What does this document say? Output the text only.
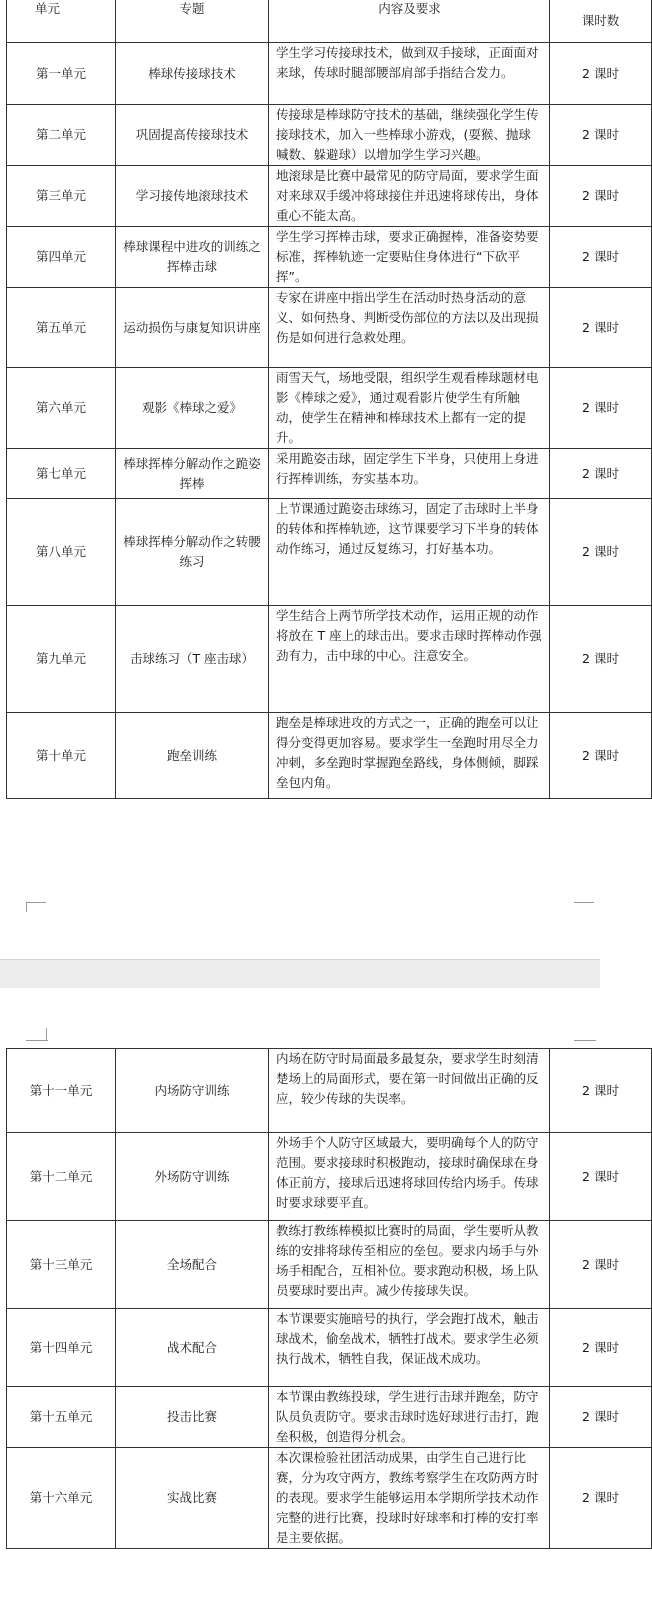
单元	专题	内容及要求	课时数
第一单元	棒球传接球技术	学生学习传接球技术，做到双手接球，正面面对来球，传球时腿部腰部肩部手指结合发力。	2 课时
第二单元	巩固提高传接球技术	传接球是棒球防守技术的基础，继续强化学生传接球技术，加入一些棒球小游戏，(耍猴、抛球喊数、躲避球）以增加学生学习兴趣。	2 课时
第三单元	学习接传地滚球技术	地滚球是比赛中最常见的防守局面，要求学生面对来球双手缓冲将球接住并迅速将球传出，身体重心不能太高。	2 课时
第四单元	棒球课程中进攻的训练之挥棒击球	学生学习挥棒击球，要求正确握棒，准备姿势要标准，挥棒轨迹一定要贴住身体进行“下砍平挥”。	2 课时
第五单元	运动损伤与康复知识讲座	专家在讲座中指出学生在活动时热身活动的意义、如何热身、判断受伤部位的方法以及出现损伤是如何进行急救处理。	2 课时
第六单元	观影《棒球之爱》	雨雪天气，场地受限，组织学生观看棒球题材电影《棒球之爱》，通过观看影片使学生有所触动，使学生在精神和棒球技术上都有一定的提升。	2 课时
第七单元	棒球挥棒分解动作之跪姿挥棒	采用跪姿击球，固定学生下半身，只使用上身进行挥棒训练，夯实基本功。	2 课时
第八单元	棒球挥棒分解动作之转腰练习	上节课通过跪姿击球练习，固定了击球时上半身的转体和挥棒轨迹，这节课要学习下半身的转体动作练习，通过反复练习，打好基本功。	2 课时
第九单元	击球练习（T 座击球）	学生结合上两节所学技术动作，运用正规的动作将放在 T 座上的球击出。要求击球时挥棒动作强劲有力，击中球的中心。注意安全。	2 课时
第十单元	跑垒训练	跑垒是棒球进攻的方式之一，正确的跑垒可以让得分变得更加容易。要求学生一垒跑时用尽全力冲刺，多垒跑时掌握跑垒路线，身体侧倾，脚踩垒包内角。	2 课时
第十一单元	内场防守训练	内场在防守时局面最多最复杂，要求学生时刻清楚场上的局面形式，要在第一时间做出正确的反应，较少传球的失误率。	2 课时
第十二单元	外场防守训练	外场手个人防守区域最大，要明确每个人的防守范围。要求接球时积极跑动，接球时确保球在身体正前方，接球后迅速将球回传给内场手。传球时要求球要平直。	2 课时
第十三单元	全场配合	教练打教练棒模拟比赛时的局面，学生要听从教练的安排将球传至相应的垒包。要求内场手与外场手相配合，互相补位。要求跑动积极，场上队员要球时要出声。减少传接球失误。	2 课时
第十四单元	战术配合	本节课要实施暗号的执行，学会跑打战术，触击球战术，偷垒战术，牺牲打战术。要求学生必须执行战术，牺牲自我，保证战术成功。	2 课时
第十五单元	投击比赛	本节课由教练投球，学生进行击球并跑垒，防守队员负责防守。要求击球时选好球进行击打，跑垒积极，创造得分机会。	2 课时
第十六单元	实战比赛	本次课检验社团活动成果，由学生自己进行比赛，分为攻守两方，教练考察学生在攻防两方时的表现。要求学生能够运用本学期所学技术动作完整的进行比赛，投球时好球率和打棒的安打率是主要依据。	2 课时
